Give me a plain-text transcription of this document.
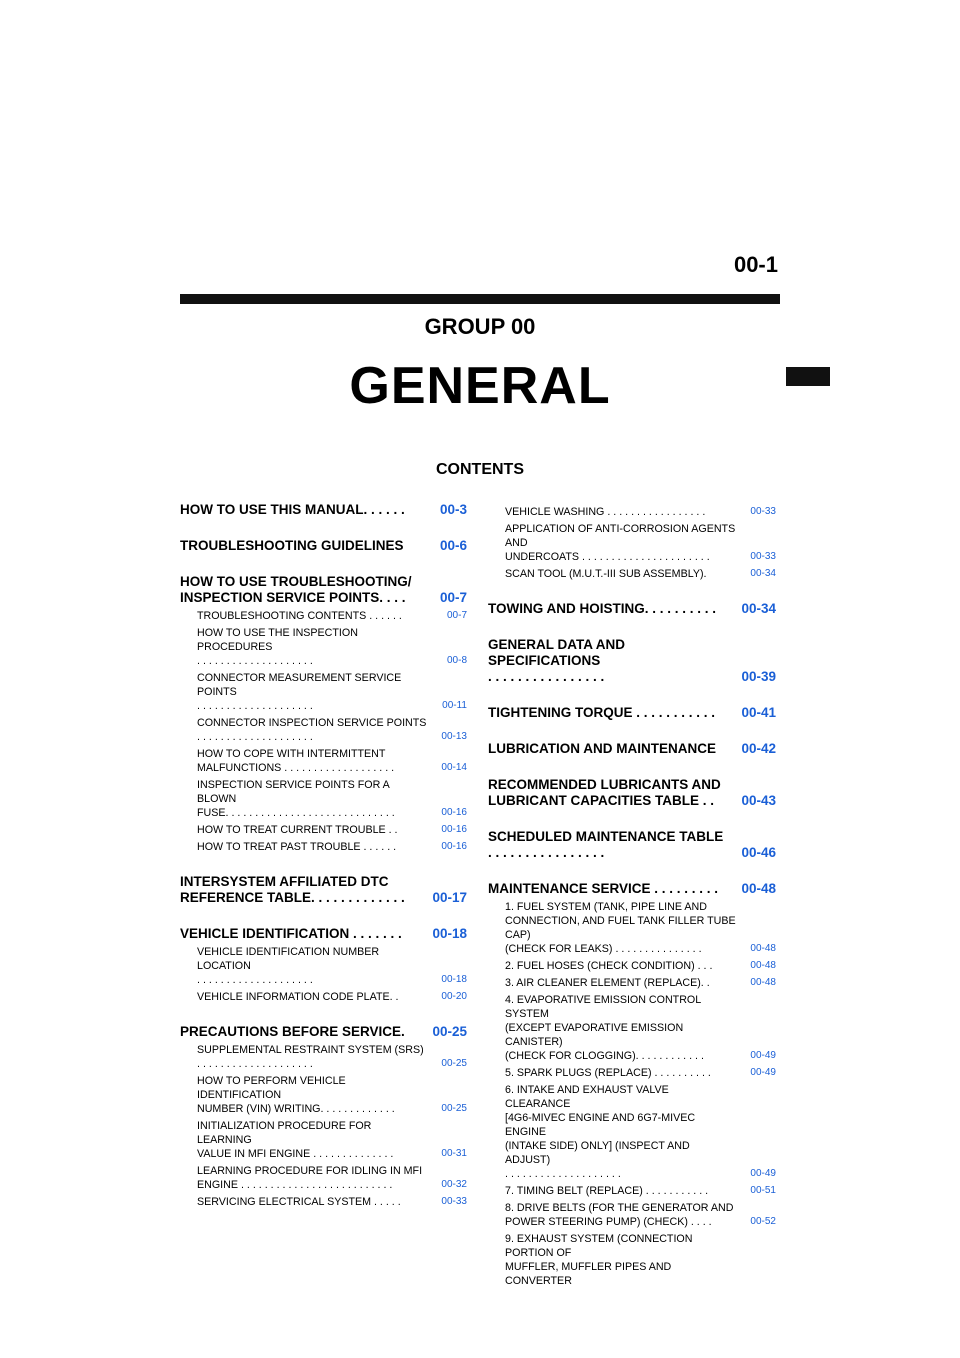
00-1
GROUP 00
GENERAL
CONTENTS
HOW TO USE THIS MANUAL. . . . . .	00-3
TROUBLESHOOTING GUIDELINES	00-6
HOW TO USE TROUBLESHOOTING/
INSPECTION SERVICE POINTS. . . .	00-7
TROUBLESHOOTING CONTENTS . . . . . .	00-7
HOW TO USE THE INSPECTION PROCEDURES
. . . . . . . . . . . . . . . . . . . .	00-8
CONNECTOR MEASUREMENT SERVICE POINTS
. . . . . . . . . . . . . . . . . . . .	00-11
CONNECTOR INSPECTION SERVICE POINTS
. . . . . . . . . . . . . . . . . . . .	00-13
HOW TO COPE WITH INTERMITTENT
MALFUNCTIONS . . . . . . . . . . . . . . . . . . .	00-14
INSPECTION SERVICE POINTS FOR A BLOWN
FUSE. . . . . . . . . . . . . . . . . . . . . . . . . . . . .	00-16
HOW TO TREAT CURRENT TROUBLE . .	00-16
HOW TO TREAT PAST TROUBLE . . . . . .	00-16
INTERSYSTEM AFFILIATED DTC
REFERENCE TABLE. . . . . . . . . . . . .	00-17
VEHICLE IDENTIFICATION . . . . . . .	00-18
VEHICLE IDENTIFICATION NUMBER LOCATION
. . . . . . . . . . . . . . . . . . . .	00-18
VEHICLE INFORMATION CODE PLATE. .	00-20
PRECAUTIONS BEFORE SERVICE.	00-25
SUPPLEMENTAL RESTRAINT SYSTEM (SRS)
. . . . . . . . . . . . . . . . . . . .	00-25
HOW TO PERFORM VEHICLE IDENTIFICATION
NUMBER (VIN) WRITING. . . . . . . . . . . . .	00-25
INITIALIZATION PROCEDURE FOR LEARNING
VALUE IN MFI ENGINE . . . . . . . . . . . . . .	00-31
LEARNING PROCEDURE FOR IDLING IN MFI
ENGINE . . . . . . . . . . . . . . . . . . . . . . . . . .	00-32
SERVICING ELECTRICAL SYSTEM . . . . .	00-33
VEHICLE WASHING . . . . . . . . . . . . . . . . .	00-33
APPLICATION OF ANTI-CORROSION AGENTS AND
UNDERCOATS . . . . . . . . . . . . . . . . . . . . . .	00-33
SCAN TOOL (M.U.T.-III SUB ASSEMBLY).	00-34
TOWING AND HOISTING. . . . . . . . . .	00-34
GENERAL DATA AND SPECIFICATIONS
. . . . . . . . . . . . . . . .	00-39
TIGHTENING TORQUE . . . . . . . . . . .	00-41
LUBRICATION AND MAINTENANCE	00-42
RECOMMENDED LUBRICANTS AND
LUBRICANT CAPACITIES TABLE . .	00-43
SCHEDULED MAINTENANCE TABLE
. . . . . . . . . . . . . . . .	00-46
MAINTENANCE SERVICE . . . . . . . . .	00-48
1. FUEL SYSTEM (TANK, PIPE LINE AND
CONNECTION, AND FUEL TANK FILLER TUBE CAP)
(CHECK FOR LEAKS) . . . . . . . . . . . . . . .	00-48
2. FUEL HOSES (CHECK CONDITION) . . .	00-48
3. AIR CLEANER ELEMENT (REPLACE). .	00-48
4. EVAPORATIVE EMISSION CONTROL SYSTEM
(EXCEPT EVAPORATIVE EMISSION CANISTER)
(CHECK FOR CLOGGING). . . . . . . . . . . .	00-49
5. SPARK PLUGS (REPLACE) . . . . . . . . . .	00-49
6. INTAKE AND EXHAUST VALVE CLEARANCE
[4G6-MIVEC ENGINE AND 6G7-MIVEC ENGINE
(INTAKE SIDE) ONLY] (INSPECT AND ADJUST)
. . . . . . . . . . . . . . . . . . . .	00-49
7. TIMING BELT (REPLACE) . . . . . . . . . . .	00-51
8. DRIVE BELTS (FOR THE GENERATOR AND
POWER STEERING PUMP) (CHECK) . . . .	00-52
9. EXHAUST SYSTEM (CONNECTION PORTION OF
MUFFLER, MUFFLER PIPES AND CONVERTER
